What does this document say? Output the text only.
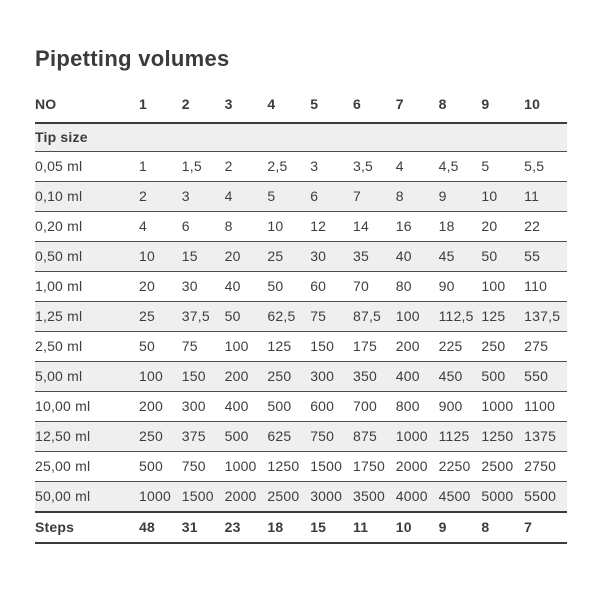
Pipetting volumes
NO	1	2	3	4	5	6	7	8	9	10
Tip size										
0,05 ml	1	1,5	2	2,5	3	3,5	4	4,5	5	5,5
0,10 ml	2	3	4	5	6	7	8	9	10	11
0,20 ml	4	6	8	10	12	14	16	18	20	22
0,50 ml	10	15	20	25	30	35	40	45	50	55
1,00 ml	20	30	40	50	60	70	80	90	100	110
1,25 ml	25	37,5	50	62,5	75	87,5	100	112,5	125	137,5
2,50 ml	50	75	100	125	150	175	200	225	250	275
5,00 ml	100	150	200	250	300	350	400	450	500	550
10,00 ml	200	300	400	500	600	700	800	900	1000	1100
12,50 ml	250	375	500	625	750	875	1000	1125	1250	1375
25,00 ml	500	750	1000	1250	1500	1750	2000	2250	2500	2750
50,00 ml	1000	1500	2000	2500	3000	3500	4000	4500	5000	5500
Steps	48	31	23	18	15	11	10	9	8	7
